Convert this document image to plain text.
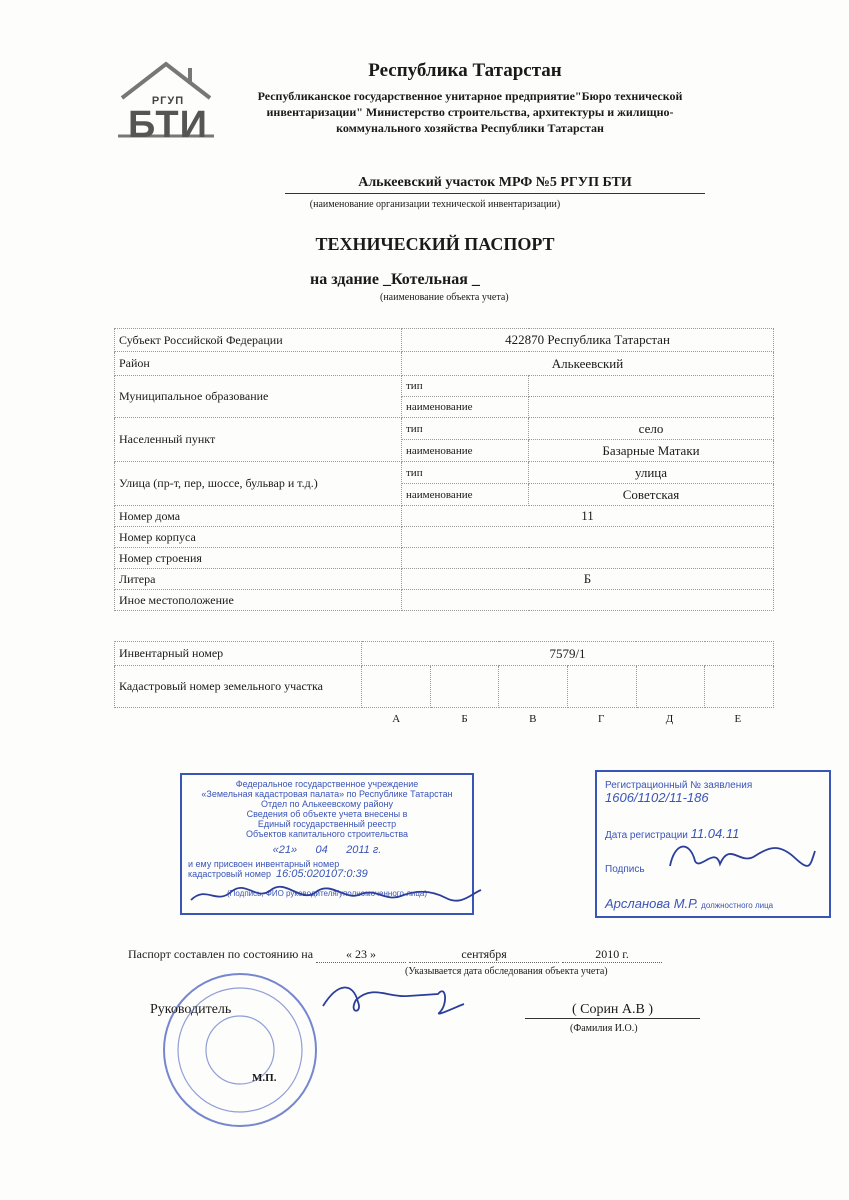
РГУП
БТИ
Республика Татарстан
Республиканское государственное унитарное предприятие"Бюро технической инвентаризации" Министерство строительства, архитектуры и жилищно-коммунального хозяйства Республики Татарстан
Алькеевский участок МРФ №5 РГУП БТИ
(наименование организации технической инвентаризации)
ТЕХНИЧЕСКИЙ ПАСПОРТ
на здание _Котельная _
(наименование объекта учета)
Субъект Российской Федерации	422870 Республика Татарстан	
Район	Алькеевский	
Муниципальное образование	тип	
	наименование	
Населенный пункт	тип	село
	наименование	Базарные Матаки
Улица (пр-т, пер, шоссе, бульвар и т.д.)	тип	улица
	наименование	Советская
Номер дома	11	
Номер корпуса		
Номер строения		
Литера	Б	
Иное местоположение		
Инвентарный номер	7579/1					
Кадастровый номер земельного участка						
А	Б	В	Г	Д	Е
Федеральное государственное учреждение
«Земельная кадастровая палата» по Республике Татарстан
Отдел по Алькеевскому району
Сведения об объекте учета внесены в
Единый государственный реестр
Объектов капитального строительства
«21»      04      2011 г.
и ему присвоен инвентарный номер
кадастровый номер 16:05:020107:0:39
(Подпись, ФИО руководителя/уполномоченного лица)
Регистрационный № заявления
1606/1102/11-186
Дата регистрации 11.04.11
Подпись
Арсланова М.Р. должностного лица
Паспорт составлен по состоянию на	« 23 »	сентября	2010 г.
(Указывается дата обследования объекта учета)
Руководитель	( Сорин А.В )
(Фамилия И.О.)
М.П.
